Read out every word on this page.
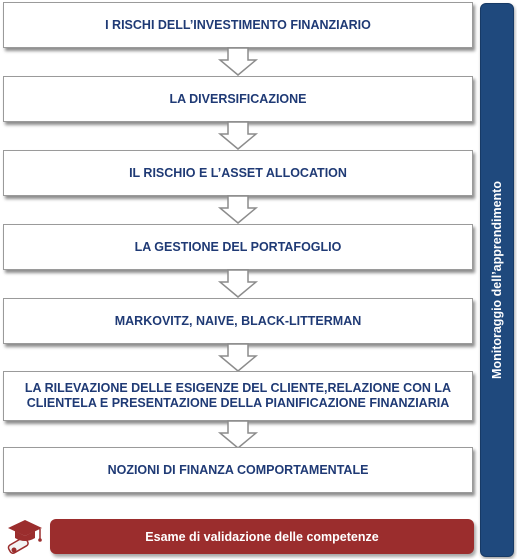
I RISCHI DELL’INVESTIMENTO FINANZIARIO
LA DIVERSIFICAZIONE
IL RISCHIO E L’ASSET ALLOCATION
LA GESTIONE DEL PORTAFOGLIO
MARKOVITZ, NAIVE, BLACK-LITTERMAN
LA RILEVAZIONE DELLE ESIGENZE DEL CLIENTE,RELAZIONE CON LA CLIENTELA E PRESENTAZIONE DELLA PIANIFICAZIONE FINANZIARIA
NOZIONI DI FINANZA COMPORTAMENTALE
Monitoraggio dell’apprendimento
Esame di validazione delle competenze
